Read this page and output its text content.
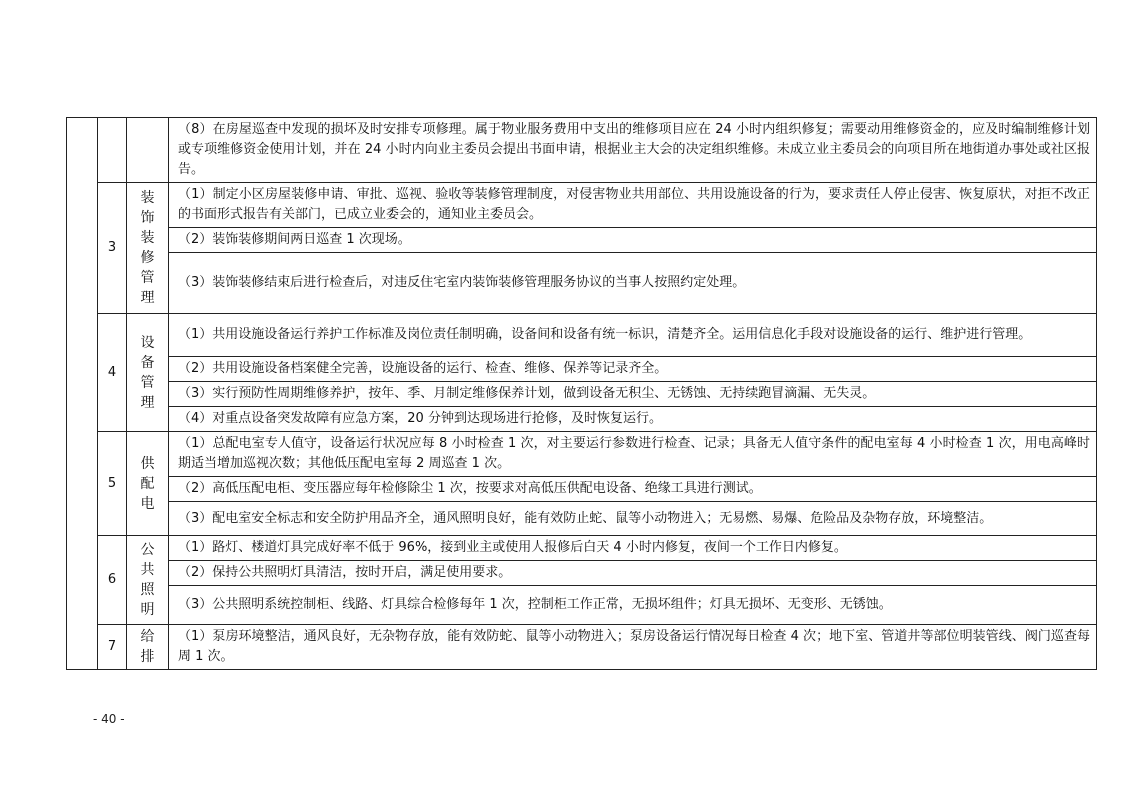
			（8）在房屋巡查中发现的损坏及时安排专项修理。属于物业服务费用中支出的维修项目应在 24 小时内组织修复；需要动用维修资金的，应及时编制维修计划或专项维修资金使用计划，并在 24 小时内向业主委员会提出书面申请，根据业主大会的决定组织维修。未成立业主委员会的向项目所在地街道办事处或社区报告。
	3	装饰装修管理	（1）制定小区房屋装修申请、审批、巡视、验收等装修管理制度，对侵害物业共用部位、共用设施设备的行为，要求责任人停止侵害、恢复原状，对拒不改正的书面形式报告有关部门，已成立业委会的，通知业主委员会。
			（2）装饰装修期间两日巡查 1 次现场。
			（3）装饰装修结束后进行检查后，对违反住宅室内装饰装修管理服务协议的当事人按照约定处理。
	4	设备管理	（1）共用设施设备运行养护工作标准及岗位责任制明确，设备间和设备有统一标识，清楚齐全。运用信息化手段对设施设备的运行、维护进行管理。
			（2）共用设施设备档案健全完善，设施设备的运行、检查、维修、保养等记录齐全。
			（3）实行预防性周期维修养护，按年、季、月制定维修保养计划，做到设备无积尘、无锈蚀、无持续跑冒滴漏、无失灵。
			（4）对重点设备突发故障有应急方案，20 分钟到达现场进行抢修，及时恢复运行。
	5	供配电	（1）总配电室专人值守，设备运行状况应每 8 小时检查 1 次，对主要运行参数进行检查、记录；具备无人值守条件的配电室每 4 小时检查 1 次，用电高峰时期适当增加巡视次数；其他低压配电室每 2 周巡查 1 次。
			（2）高低压配电柜、变压器应每年检修除尘 1 次，按要求对高低压供配电设备、绝缘工具进行测试。
			（3）配电室安全标志和安全防护用品齐全，通风照明良好，能有效防止蛇、鼠等小动物进入；无易燃、易爆、危险品及杂物存放，环境整洁。
	6	公共照明	（1）路灯、楼道灯具完成好率不低于 96%，接到业主或使用人报修后白天 4 小时内修复，夜间一个工作日内修复。
			（2）保持公共照明灯具清洁，按时开启，满足使用要求。
			（3）公共照明系统控制柜、线路、灯具综合检修每年 1 次，控制柜工作正常，无损坏组件；灯具无损坏、无变形、无锈蚀。
	7	给排	（1）泵房环境整洁，通风良好，无杂物存放，能有效防蛇、鼠等小动物进入；泵房设备运行情况每日检查 4 次；地下室、管道井等部位明装管线、阀门巡查每周 1 次。
- 40 -
